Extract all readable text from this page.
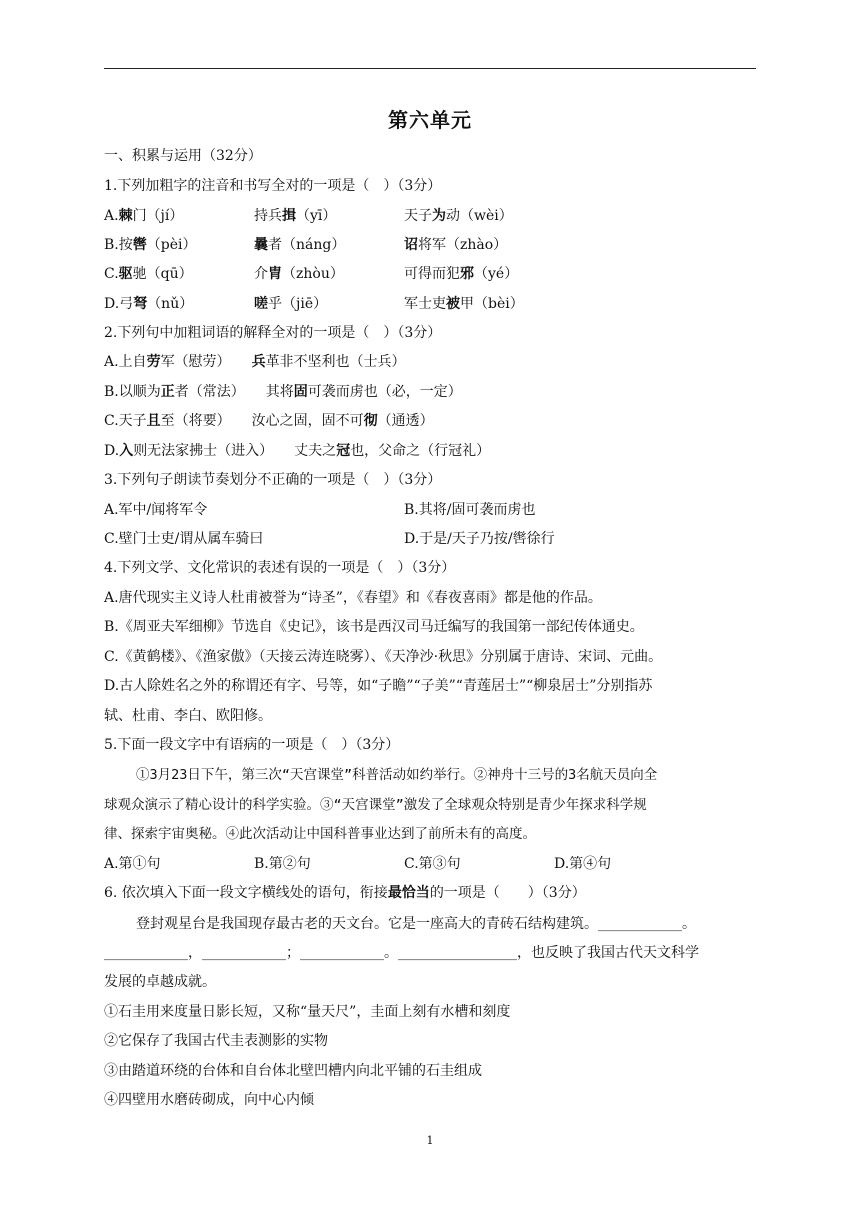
第六单元
一、积累与运用（32分）
1.下列加粗字的注音和书写全对的一项是（　）（3分）
A.棘门（jí）	持兵揖（yī）	天子为动（wèi）
B.按辔（pèi）	曩者（náng）	诏将军（zhào）
C.驱驰（qū）	介胄（zhòu）	可得而犯邪（yé）
D.弓弩（nǔ）	嗟乎（jiē）	军士吏被甲（bèi）
2.下列句中加粗词语的解释全对的一项是（　）（3分）
A.上自劳军（慰劳）　　兵革非不坚利也（士兵）
B.以顺为正者（常法）　　其将固可袭而虏也（必，一定）
C.天子且至（将要）　　汝心之固，固不可彻（通透）
D.入则无法家拂士（进入）　　丈夫之冠也，父命之（行冠礼）
3.下列句子朗读节奏划分不正确的一项是（　）（3分）
A.军中/闻将军令	B.其将/固可袭而虏也
C.壁门士吏/谓从属车骑曰	D.于是/天子乃按/辔徐行
4.下列文学、文化常识的表述有误的一项是（　）（3分）
A.唐代现实主义诗人杜甫被誉为“诗圣”，《春望》和《春夜喜雨》都是他的作品。
B.《周亚夫军细柳》节选自《史记》，该书是西汉司马迁编写的我国第一部纪传体通史。
C.《黄鹤楼》、《渔家傲》（天接云涛连晓雾）、《天净沙·秋思》分别属于唐诗、宋词、元曲。
D.古人除姓名之外的称谓还有字、号等，如“子瞻”“子美”“青莲居士”“柳泉居士”分别指苏
轼、杜甫、李白、欧阳修。
5.下面一段文字中有语病的一项是（　）（3分）
①3月23日下午，第三次“天宫课堂”科普活动如约举行。②神舟十三号的3名航天员向全
球观众演示了精心设计的科学实验。③“天宫课堂”激发了全球观众特别是青少年探求科学规
律、探索宇宙奥秘。④此次活动让中国科普事业达到了前所未有的高度。
A.第①句	B.第②句	C.第③句	D.第④句
6. 依次填入下面一段文字横线处的语句，衔接最恰当的一项是（　　）（3分）
登封观星台是我国现存最古老的天文台。它是一座高大的青砖石结构建筑。____________。
____________，____________；____________。_________________，也反映了我国古代天文科学
发展的卓越成就。
①石圭用来度量日影长短，又称“量天尺”，圭面上刻有水槽和刻度
②它保存了我国古代圭表测影的实物
③由踏道环绕的台体和自台体北壁凹槽内向北平铺的石圭组成
④四壁用水磨砖砌成，向中心内倾
1
